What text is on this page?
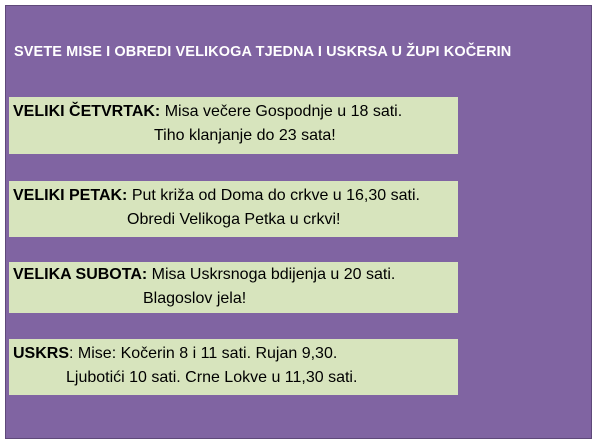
SVETE MISE I OBREDI VELIKOGA TJEDNA I USKRSA U ŽUPI KOČERIN
VELIKI ČETVRTAK: Misa večere Gospodnje u 18 sati.
Tiho klanjanje do 23 sata!
VELIKI PETAK: Put križa od Doma do crkve u 16,30 sati.
Obredi Velikoga Petka u crkvi!
VELIKA SUBOTA: Misa Uskrsnoga bdijenja u 20 sati.
Blagoslov jela!
USKRS: Mise: Kočerin 8 i 11 sati. Rujan 9,30.
Ljubotići 10 sati. Crne Lokve u 11,30 sati.
